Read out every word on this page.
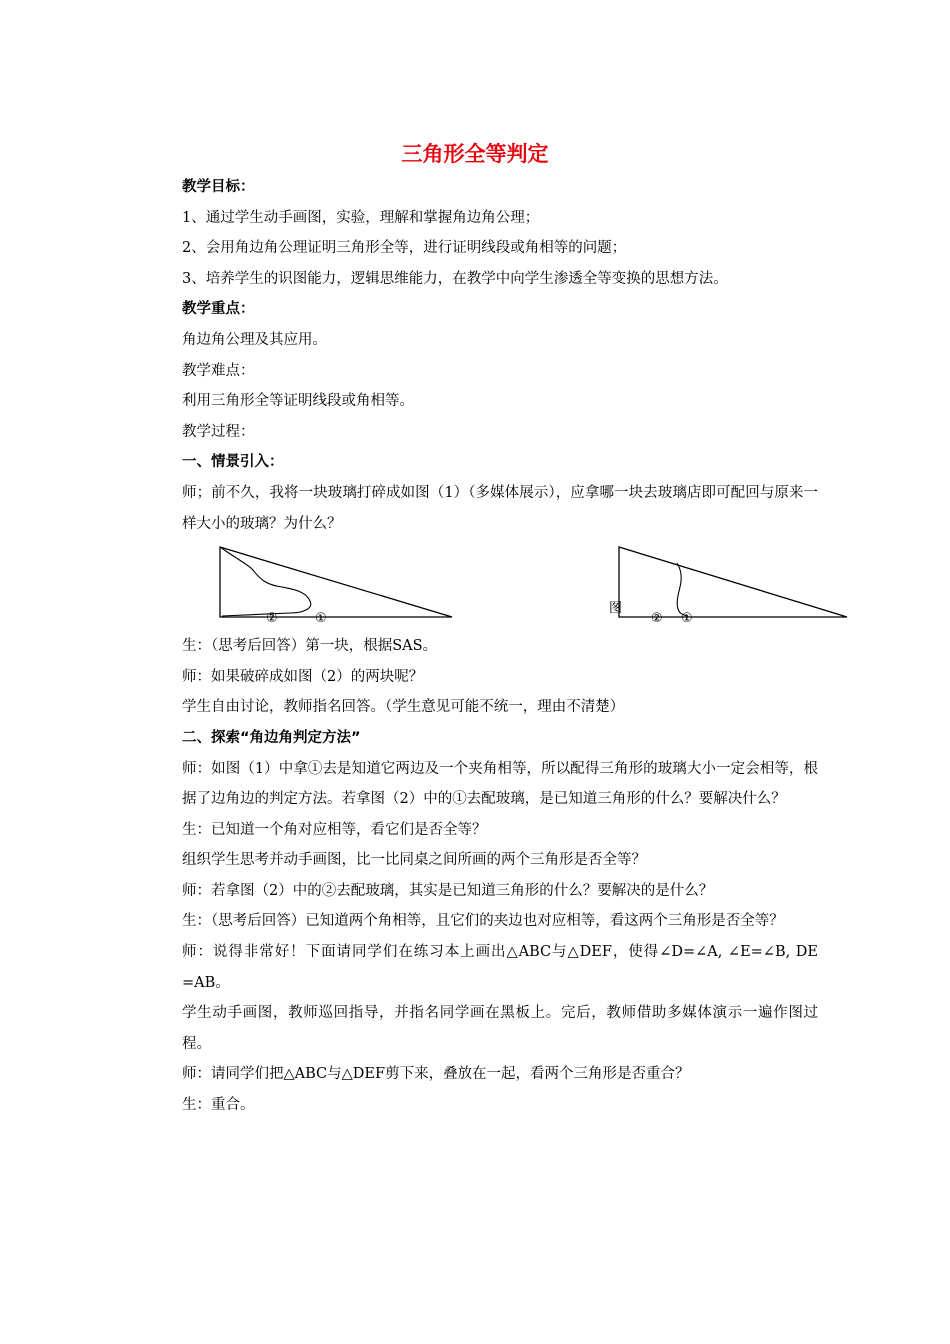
三角形全等判定

教学目标：

1、通过学生动手画图，实验，理解和掌握角边角公理；

2、会用角边角公理证明三角形全等，进行证明线段或角相等的问题；

3、培养学生的识图能力，逻辑思维能力，在教学中向学生渗透全等变换的思想方法。

教学重点：

角边角公理及其应用。

教学难点：

利用三角形全等证明线段或角相等。

教学过程：

一、情景引入：

师；前不久，我将一块玻璃打碎成如图（1）（多媒体展示），应拿哪一块去玻璃店即可配回与原来一样大小的玻璃？为什么？

②	①
图
② ①

生：（思考后回答）第一块，根据SAS。

师：如果破碎成如图（2）的两块呢？

学生自由讨论，教师指名回答。（学生意见可能不统一，理由不清楚）

二、探索“角边角判定方法”

师：如图（1）中拿①去是知道它两边及一个夹角相等，所以配得三角形的玻璃大小一定会相等，根据了边角边的判定方法。若拿图（2）中的①去配玻璃，是已知道三角形的什么？要解决什么？

生：已知道一个角对应相等，看它们是否全等？

组织学生思考并动手画图，比一比同桌之间所画的两个三角形是否全等？

师：若拿图（2）中的②去配玻璃，其实是已知道三角形的什么？要解决的是什么？

生：（思考后回答）已知道两个角相等，且它们的夹边也对应相等，看这两个三角形是否全等？

师：说得非常好！下面请同学们在练习本上画出△ABC与△DEF，使得∠D=∠A, ∠E=∠B, DE =AB。

学生动手画图，教师巡回指导，并指名同学画在黑板上。完后，教师借助多媒体演示一遍作图过程。

师：请同学们把△ABC与△DEF剪下来，叠放在一起，看两个三角形是否重合？

生：重合。
